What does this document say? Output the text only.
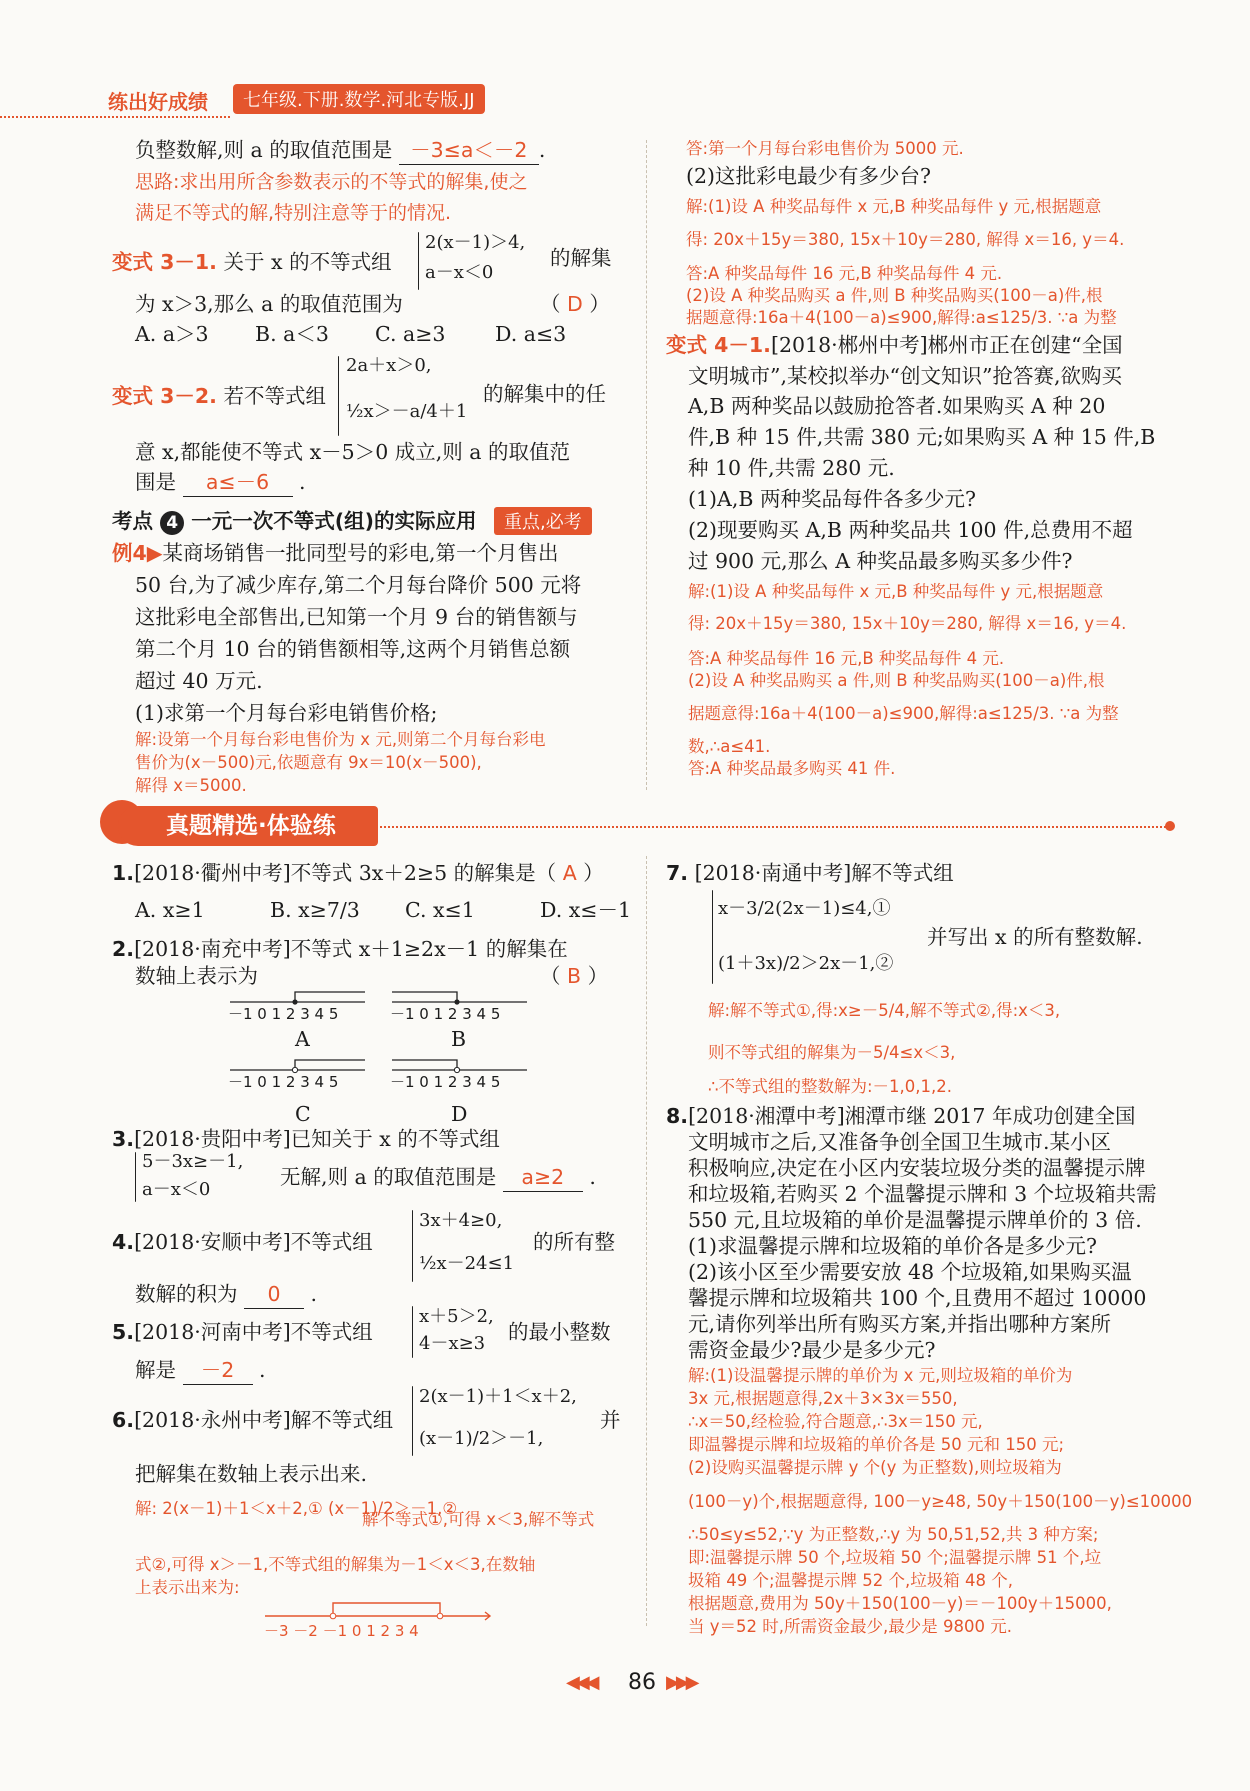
练出好成绩	七年级.下册.数学.河北专版.JJ
负整数解,则 a 的取值范围是 －3≤a＜－2 .
思路:求出用所含参数表示的不等式的解集,使之
满足不等式的解,特别注意等于的情况.
变式 3－1. 关于 x 的不等式组
2(x－1)＞4,
a－x＜0
的解集
为 x＞3,那么 a 的取值范围为	（ D ）
A. a＞3 B. a＜3 C. a≥3 D. a≤3
变式 3－2. 若不等式组
2a＋x＞0,
½x＞－a/4＋1
的解集中的任
意 x,都能使不等式 x－5＞0 成立,则 a 的取值范
围是 a≤－6 .
考点 4 一元一次不等式(组)的实际应用	重点,必考
例4▶某商场销售一批同型号的彩电,第一个月售出
50 台,为了减少库存,第二个月每台降价 500 元将
这批彩电全部售出,已知第一个月 9 台的销售额与
第二个月 10 台的销售额相等,这两个月销售总额
超过 40 万元.
(1)求第一个月每台彩电销售价格;
解:设第一个月每台彩电售价为 x 元,则第二个月每台彩电
售价为(x－500)元,依题意有 9x＝10(x－500),
解得 x＝5000.
答:第一个月每台彩电售价为 5000 元.
(2)这批彩电最少有多少台?
解:(1)设 A 种奖品每件 x 元,B 种奖品每件 y 元,根据题意
得: 20x＋15y＝380, 15x＋10y＝280, 解得 x＝16, y＝4.
答:A 种奖品每件 16 元,B 种奖品每件 4 元.
(2)设 A 种奖品购买 a 件,则 B 种奖品购买(100－a)件,根
据题意得:16a＋4(100－a)≤900,解得:a≤125/3. ∵a 为整
变式 4－1.[2018·郴州中考]郴州市正在创建“全国
文明城市”,某校拟举办“创文知识”抢答赛,欲购买
A,B 两种奖品以鼓励抢答者.如果购买 A 种 20
件,B 种 15 件,共需 380 元;如果购买 A 种 15 件,B
种 10 件,共需 280 元.
(1)A,B 两种奖品每件各多少元?
(2)现要购买 A,B 两种奖品共 100 件,总费用不超
过 900 元,那么 A 种奖品最多购买多少件?
解:(1)设 A 种奖品每件 x 元,B 种奖品每件 y 元,根据题意
得: 20x＋15y＝380, 15x＋10y＝280, 解得 x＝16, y＝4.
答:A 种奖品每件 16 元,B 种奖品每件 4 元.
(2)设 A 种奖品购买 a 件,则 B 种奖品购买(100－a)件,根
据题意得:16a＋4(100－a)≤900,解得:a≤125/3. ∵a 为整
数,∴a≤41.
答:A 种奖品最多购买 41 件.
真题精选·体验练
1.[2018·衢州中考]不等式 3x＋2≥5 的解集是（ A ）
A. x≥1	B. x≥7/3 C. x≤1	D. x≤－1
2.[2018·南充中考]不等式 x＋1≥2x－1 的解集在
数轴上表示为	（ B ）
－1 0 1 2 3 4 5	－1 0 1 2 3 4 5
－1 0 1 2 3 4 5	－1 0 1 2 3 4 5
A	B
C	D
3.[2018·贵阳中考]已知关于 x 的不等式组
5－3x≥－1,
a－x＜0
无解,则 a 的取值范围是 a≥2 .
4.[2018·安顺中考]不等式组
3x＋4≥0,
½x－24≤1
的所有整
数解的积为 0 .
5.[2018·河南中考]不等式组
x＋5＞2,
4－x≥3 的最小整数
解是 －2 .
6.[2018·永州中考]解不等式组
2(x－1)＋1＜x＋2,
(x－1)/2＞－1,
并
把解集在数轴上表示出来.
解: 2(x－1)＋1＜x＋2,① (x－1)/2＞－1,②
解不等式①,可得 x＜3,解不等式
式②,可得 x＞－1,不等式组的解集为－1＜x＜3,在数轴
上表示出来为:
－3 －2 －1 0 1 2 3 4
7. [2018·南通中考]解不等式组
x－3/2(2x－1)≤4,①
(1＋3x)/2＞2x－1,②
并写出 x 的所有整数解.
解:解不等式①,得:x≥－5/4,解不等式②,得:x＜3,
则不等式组的解集为－5/4≤x＜3,
∴不等式组的整数解为:－1,0,1,2.
8.[2018·湘潭中考]湘潭市继 2017 年成功创建全国
文明城市之后,又准备争创全国卫生城市.某小区
积极响应,决定在小区内安装垃圾分类的温馨提示牌
和垃圾箱,若购买 2 个温馨提示牌和 3 个垃圾箱共需
550 元,且垃圾箱的单价是温馨提示牌单价的 3 倍.
(1)求温馨提示牌和垃圾箱的单价各是多少元?
(2)该小区至少需要安放 48 个垃圾箱,如果购买温
馨提示牌和垃圾箱共 100 个,且费用不超过 10000
元,请你列举出所有购买方案,并指出哪种方案所
需资金最少?最少是多少元?
解:(1)设温馨提示牌的单价为 x 元,则垃圾箱的单价为
3x 元,根据题意得,2x＋3×3x＝550,
∴x＝50,经检验,符合题意,∴3x＝150 元,
即温馨提示牌和垃圾箱的单价各是 50 元和 150 元;
(2)设购买温馨提示牌 y 个(y 为正整数),则垃圾箱为
(100－y)个,根据题意得, 100－y≥48, 50y＋150(100－y)≤10000
∴50≤y≤52,∵y 为正整数,∴y 为 50,51,52,共 3 种方案;
即:温馨提示牌 50 个,垃圾箱 50 个;温馨提示牌 51 个,垃
圾箱 49 个;温馨提示牌 52 个,垃圾箱 48 个,
根据题意,费用为 50y＋150(100－y)＝－100y＋15000,
当 y＝52 时,所需资金最少,最少是 9800 元.
◀◀◀ 86 ▶▶▶
